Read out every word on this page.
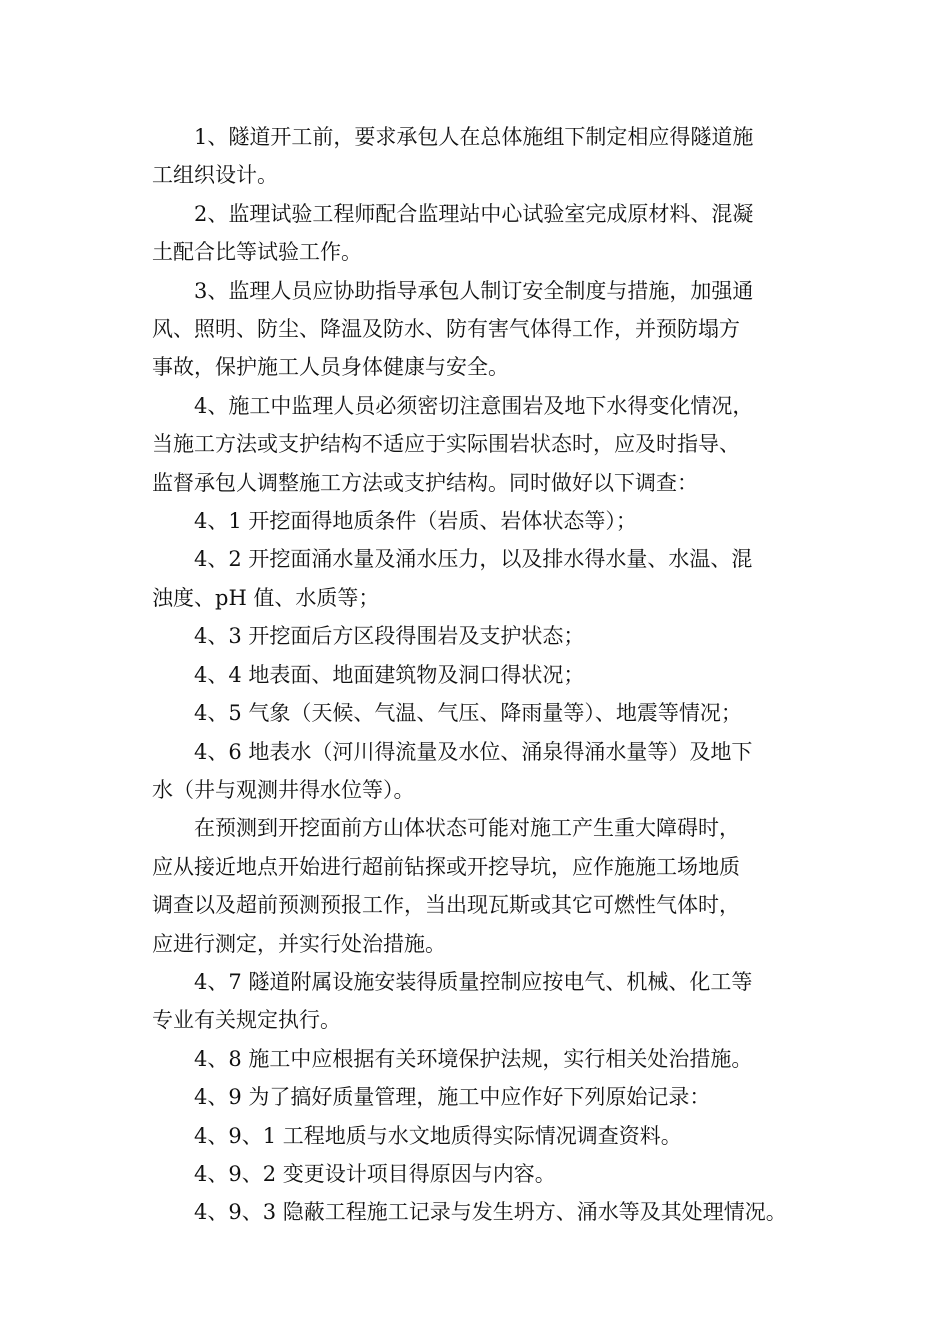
1、隧道开工前，要求承包人在总体施组下制定相应得隧道施

工组织设计。

2、监理试验工程师配合监理站中心试验室完成原材料、混凝

土配合比等试验工作。

3、监理人员应协助指导承包人制订安全制度与措施，加强通

风、照明、防尘、降温及防水、防有害气体得工作，并预防塌方

事故，保护施工人员身体健康与安全。

4、施工中监理人员必须密切注意围岩及地下水得变化情况，

当施工方法或支护结构不适应于实际围岩状态时，应及时指导、

监督承包人调整施工方法或支护结构。同时做好以下调查：

4、1 开挖面得地质条件（岩质、岩体状态等）；

4、2 开挖面涌水量及涌水压力，以及排水得水量、水温、混

浊度、pH 值、水质等；

4、3 开挖面后方区段得围岩及支护状态；

4、4 地表面、地面建筑物及洞口得状况；

4、5 气象（天候、气温、气压、降雨量等）、地震等情况；

4、6 地表水（河川得流量及水位、涌泉得涌水量等）及地下

水（井与观测井得水位等）。

在预测到开挖面前方山体状态可能对施工产生重大障碍时，

应从接近地点开始进行超前钻探或开挖导坑，应作施施工场地质

调查以及超前预测预报工作，当出现瓦斯或其它可燃性气体时，

应进行测定，并实行处治措施。

4、7 隧道附属设施安装得质量控制应按电气、机械、化工等

专业有关规定执行。

4、8 施工中应根据有关环境保护法规，实行相关处治措施。

4、9 为了搞好质量管理，施工中应作好下列原始记录：

4、9、1 工程地质与水文地质得实际情况调查资料。

4、9、2 变更设计项目得原因与内容。

4、9、3 隐蔽工程施工记录与发生坍方、涌水等及其处理情况。
